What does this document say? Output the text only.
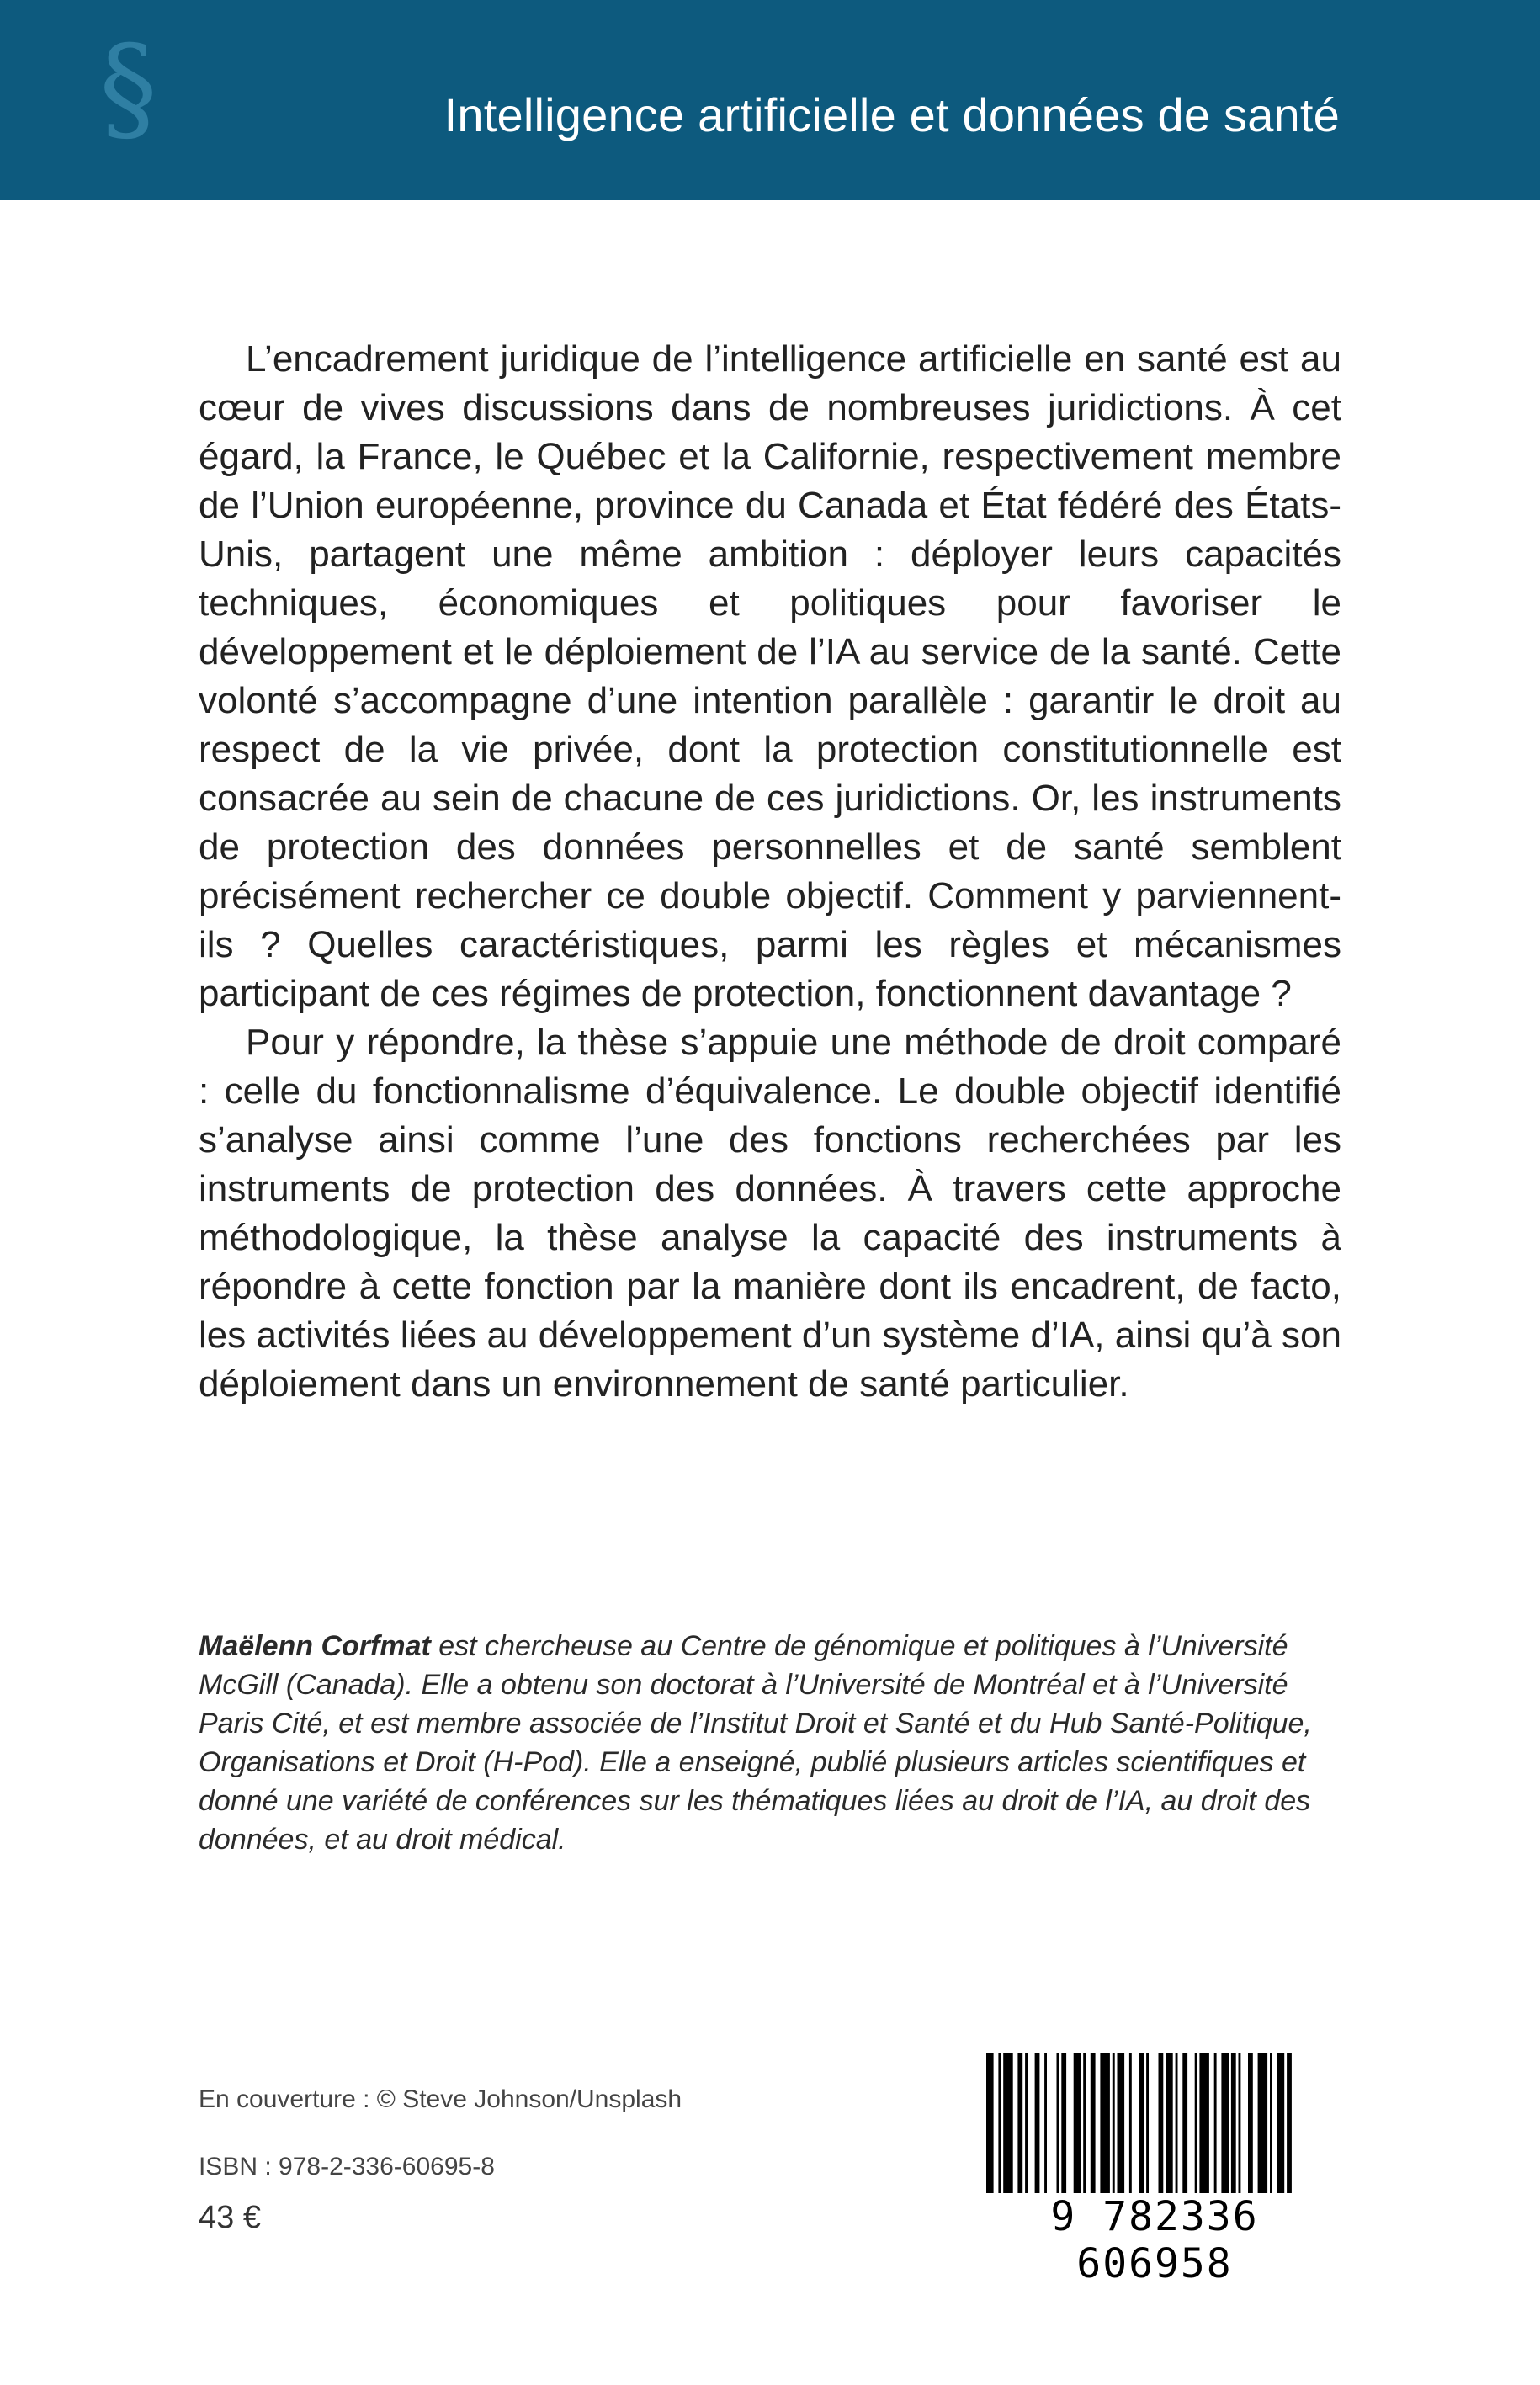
§	Intelligence artificielle et données de santé

L’encadrement juridique de l’intelligence artificielle en santé est au cœur de vives discussions dans de nombreuses juridictions. À cet égard, la France, le Québec et la Californie, respectivement membre de l’Union européenne, province du Canada et État fédéré des États-Unis, partagent une même ambition : déployer leurs capacités techniques, économiques et politiques pour favoriser le développement et le déploiement de l’IA au service de la santé. Cette volonté s’accompagne d’une intention parallèle : garantir le droit au respect de la vie privée, dont la protection constitutionnelle est consacrée au sein de chacune de ces juridictions. Or, les instruments de protection des données personnelles et de santé semblent précisément rechercher ce double objectif. Comment y parviennent-ils ? Quelles caractéristiques, parmi les règles et mécanismes participant de ces régimes de protection, fonctionnent davantage ?

Pour y répondre, la thèse s’appuie une méthode de droit comparé : celle du fonctionnalisme d’équivalence. Le double objectif identifié s’analyse ainsi comme l’une des fonctions recherchées par les instruments de protection des données. À travers cette approche méthodologique, la thèse analyse la capacité des instruments à répondre à cette fonction par la manière dont ils encadrent, de facto, les activités liées au développement d’un système d’IA, ainsi qu’à son déploiement dans un environnement de santé particulier.

Maëlenn Corfmat est chercheuse au Centre de génomique et politiques à l’Université McGill (Canada). Elle a obtenu son doctorat à l’Université de Montréal et à l’Université Paris Cité, et est membre associée de l’Institut Droit et Santé et du Hub Santé-Politique, Organisations et Droit (H-Pod). Elle a enseigné, publié plusieurs articles scientifiques et donné une variété de conférences sur les thématiques liées au droit de l’IA, au droit des données, et au droit médical.
En couverture : © Steve Johnson/Unsplash
ISBN : 978-2-336-60695-8
43 €	9 782336 606958
